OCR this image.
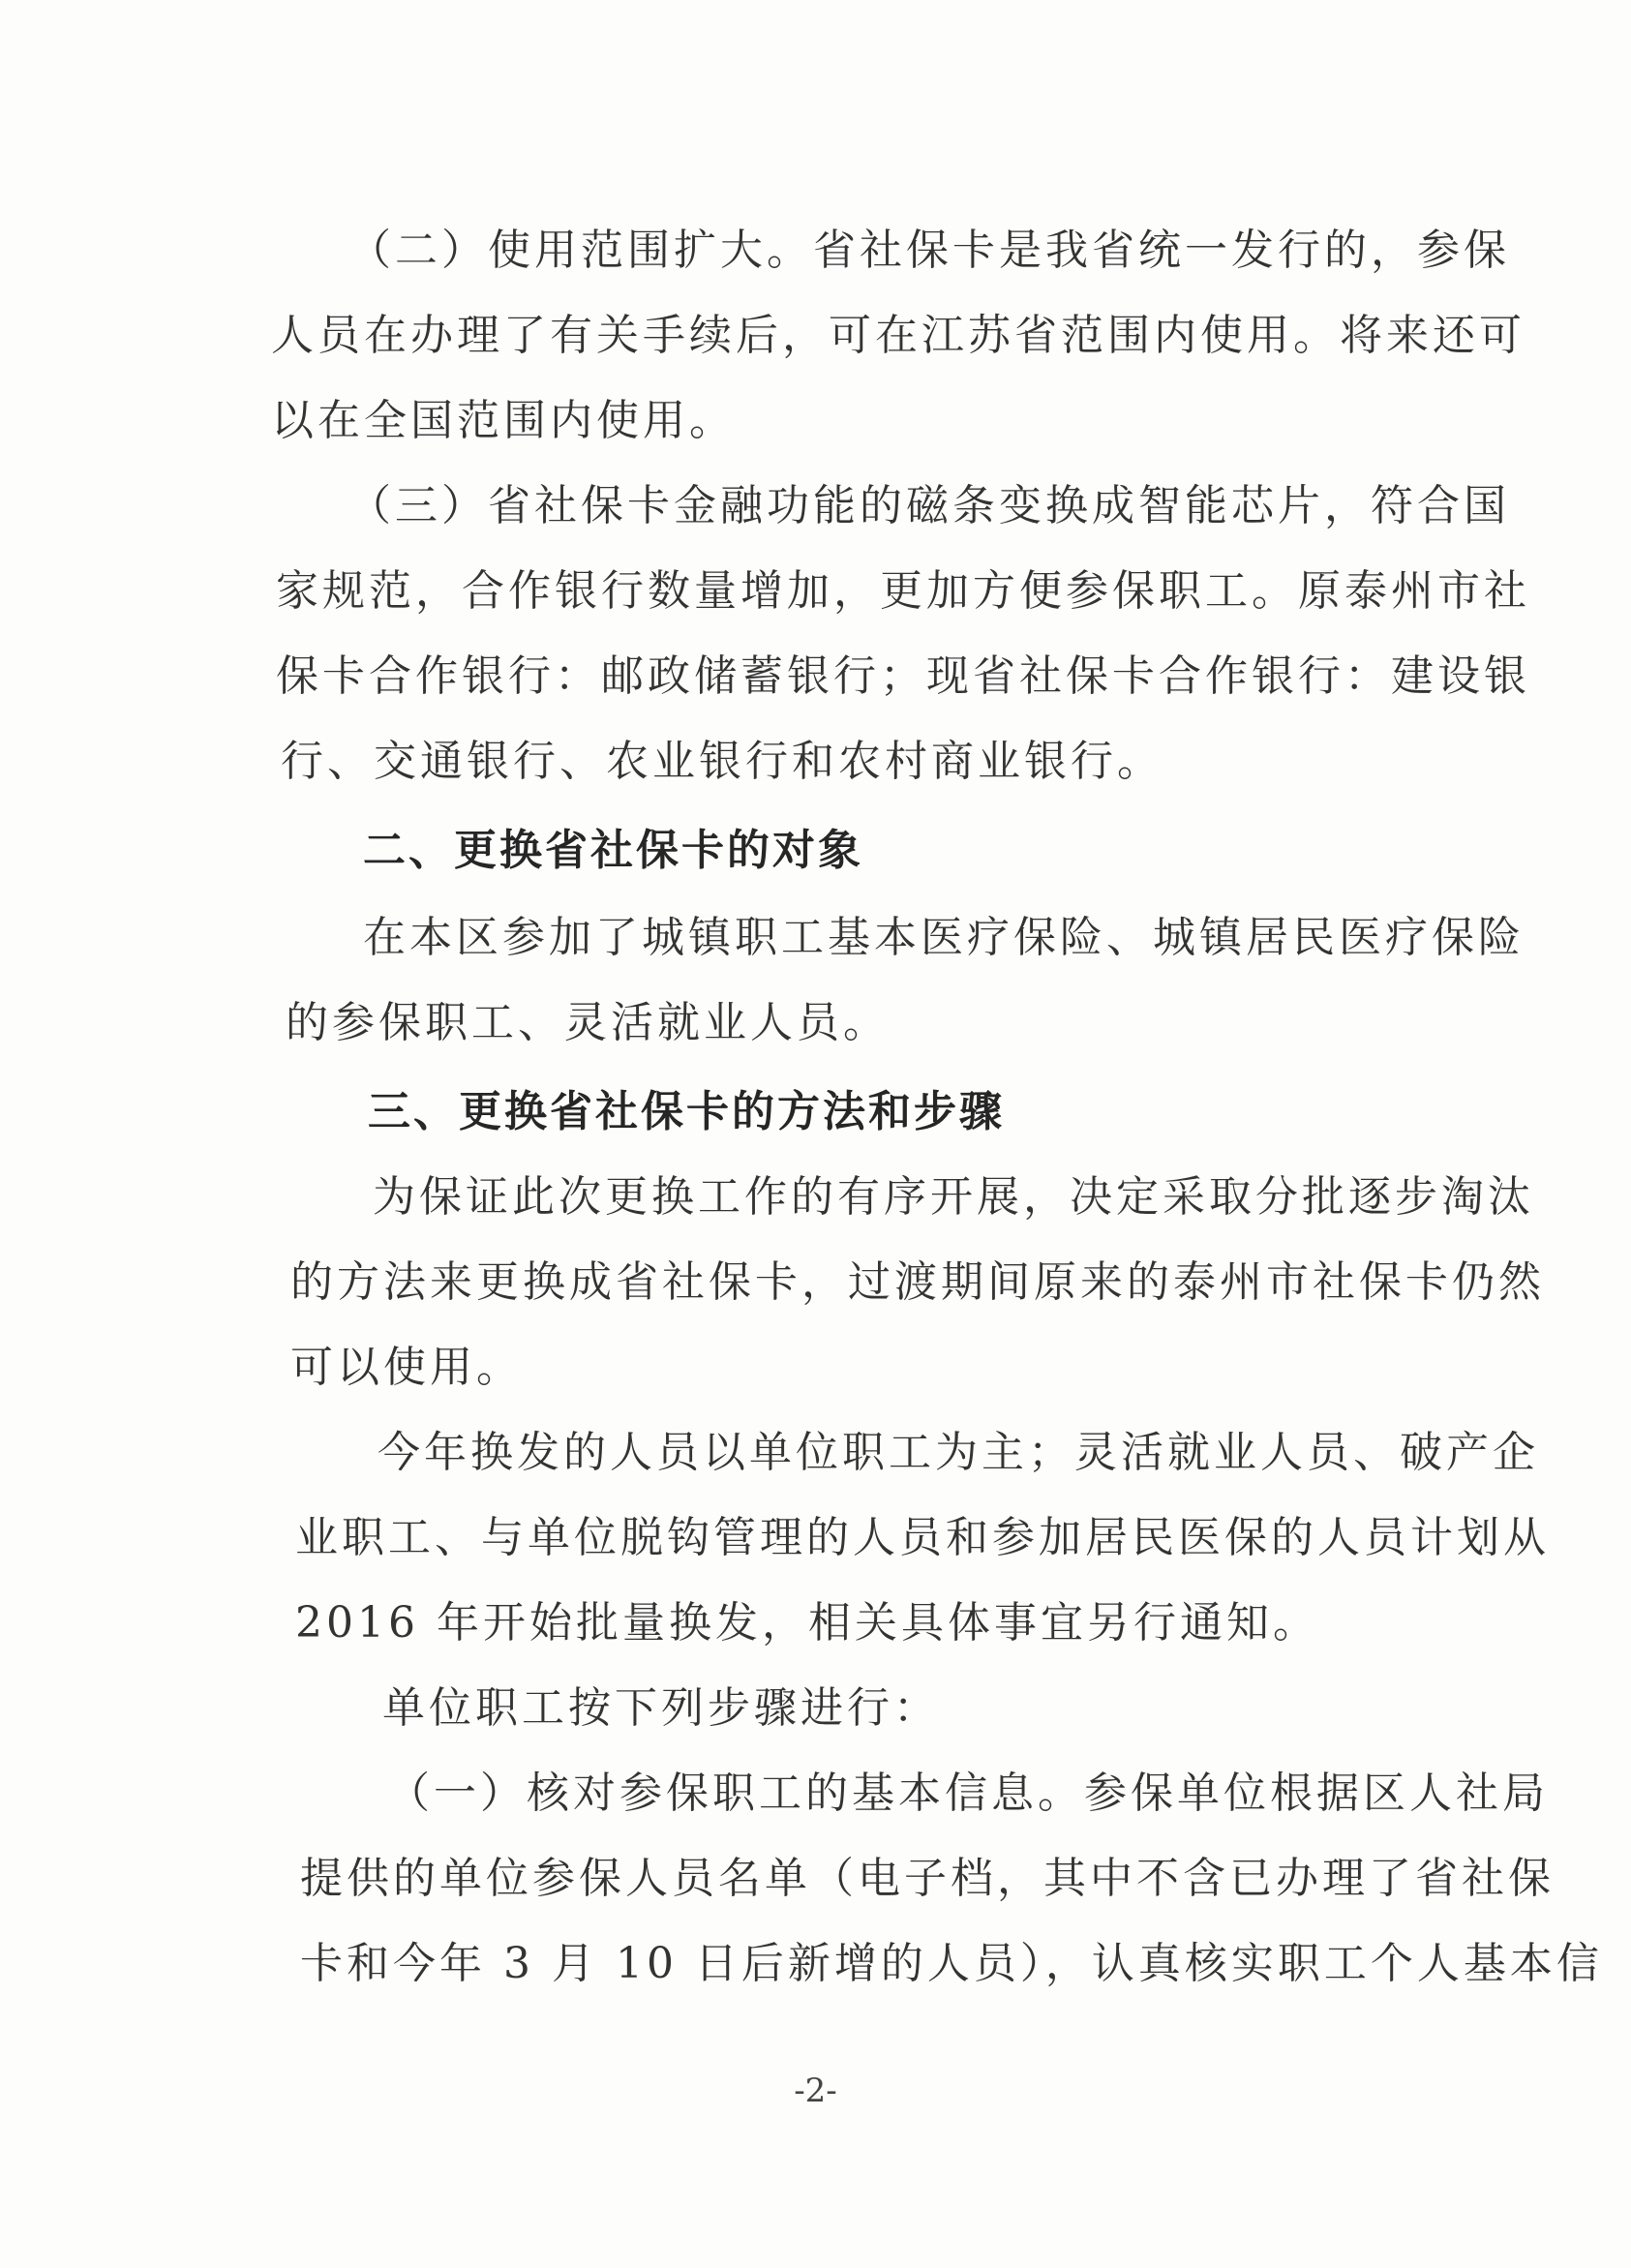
（二）使用范围扩大。省社保卡是我省统一发行的，参保
人员在办理了有关手续后，可在江苏省范围内使用。将来还可
以在全国范围内使用。
（三）省社保卡金融功能的磁条变换成智能芯片，符合国
家规范，合作银行数量增加，更加方便参保职工。原泰州市社
保卡合作银行：邮政储蓄银行；现省社保卡合作银行：建设银
行、交通银行、农业银行和农村商业银行。
二、更换省社保卡的对象
在本区参加了城镇职工基本医疗保险、城镇居民医疗保险
的参保职工、灵活就业人员。
三、更换省社保卡的方法和步骤
为保证此次更换工作的有序开展，决定采取分批逐步淘汰
的方法来更换成省社保卡，过渡期间原来的泰州市社保卡仍然
可以使用。
今年换发的人员以单位职工为主；灵活就业人员、破产企
业职工、与单位脱钩管理的人员和参加居民医保的人员计划从
2016 年开始批量换发，相关具体事宜另行通知。
单位职工按下列步骤进行：
（一）核对参保职工的基本信息。参保单位根据区人社局
提供的单位参保人员名单（电子档，其中不含已办理了省社保
卡和今年 3 月 10 日后新增的人员），认真核实职工个人基本信
-2-
